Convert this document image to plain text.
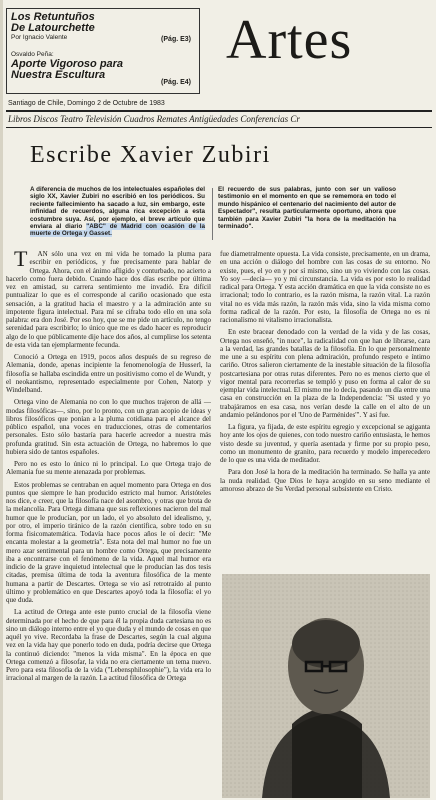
Los Retuntuños
De Latourchette
Por Ignacio Valente	(Pág. E3)
Osvaldo Peña:
Aporte Vigoroso para
Nuestra Escultura
(Pág. E4)
Artes
Santiago de Chile, Domingo 2 de Octubre de 1983
Libros Discos Teatro Televisión Cuadros Remates Antigüedades Conferencias Cr
Escribe Xavier Zubiri
A diferencia de muchos de los intelectuales españoles del siglo XX, Xavier Zubiri no escribió en los periódicos. Su reciente fallecimiento ha sacado a luz, sin embargo, este infinidad de recuerdos, alguna rica excepción a esta costumbre suya. Así, por ejemplo, el breve artículo que enviara al diario "ABC" de Madrid con ocasión de la muerte de Ortega y Gasset.
El recuerdo de sus palabras, junto con ser un valioso testimonio en el momento en que se rememora en todo el mundo hispánico el centenario del nacimiento del autor de Espectador", resulta particularmente oportuno, ahora que también para Xavier Zubiri "la hora de la meditación ha terminado".

T AN sólo una vez en mi vida he tomado la pluma para escribir en periódicos, y fue precisamente para hablar de Ortega. Ahora, con el ánimo afligido y conturbado, no acierto a hacerlo como fuera debido. Cuando hace dos días escribe por última vez en amistad, su carrera sentimiento me invadió. Era difícil puntualizar lo que es el corresponde al cariño ocasionado que esta sensación, a la gratitud hacia el maestro y a la admiración ante su impotente figura intelectual. Para mí se cifraba todo ello en una sola palabra: era don José. Por eso hoy, que se me pide un artículo, no tengo serenidad para escribirlo; lo único que me es dado hacer es reproducir algo de lo que públicamente dije hace dos años, al cumplirse los setenta de esta vida tan ejemplarmente fecunda.

Conoció a Ortega en 1919, pocos años después de su regreso de Alemania, donde, apenas incipiente la fenomenología de Husserl, la filosofía se hallaba escindida entre un positivismo como el de Wundt, y el neokantismo, representado especialmente por Cohen, Natorp y Windelband.

Ortega vino de Alemania no con lo que muchos trajeron de allá —modas filosóficas—, sino, por lo pronto, con un gran acopio de ideas y libros filosóficos que ponían a la pluma cotidiana para el alcance del público español, una voces en traducciones, otras de comentarios personales. Esto sólo bastaría para hacerle acreedor a nuestra más profunda gratitud. Sin esta actuación de Ortega, no habremos lo que hubiera sido de tantos españoles.

Pero no es esto lo único ni lo principal. Lo que Ortega trajo de Alemania fue su mente atenazada por problemas.

Estos problemas se centraban en aquel momento para Ortega en dos puntos que siempre le han producido estricto mal humor. Aristóteles nos dice, e creer, que la filosofía nace del asombro, y otras que brota de la melancolía. Para Ortega dimana que sus reflexiones nacieron del mal humor que le producían, por un lado, el yo absoluto del idealismo, y, por otro, el imperio tiránico de la razón científica, sobre todo en su forma fisicomatemática. Todavía hace pocos años le oí decir: "Me encanta molestar a la geometría". Esta nota del mal humor no fue un mero azar sentimental para un hombre como Ortega, que precisamente iba a encontrarse con el fenómeno de la vida. Aquel mal humor era indicio de la grave inquietud intelectual que le producían las dos tesis citadas, premisa última de toda la aventura filosófica de la mente humana a partir de Descartes. Ortega se vio así retrotraído al punto último y problemático en que Descartes apoyó toda la filosofía: el yo que duda.

La actitud de Ortega ante este punto crucial de la filosofía viene determinada por el hecho de que para él la propia duda cartesiana no es sino un diálogo interno entre el yo que duda y el mundo de cosas en que aquél yo vive. Recordaba la frase de Descartes, según la cual alguna vez en la vida hay que ponerlo todo en duda, podría decirse que Ortega la continuó diciendo: "menos la vida misma". En la época en que Ortega comenzó a filosofar, la vida no era ciertamente un tema nuevo. Pero para esta filosofía de la vida ("Lebensphilosophie"), la vida era lo irracional al margen de la razón. La actitud filosófica de Ortega

fue diametralmente opuesta. La vida consiste, precisamente, en un drama, en una acción o diálogo del hombre con las cosas de su entorno. No existe, pues, el yo en y por sí mismo, sino un yo viviendo con las cosas. Yo soy —decía— yo y mi circunstancia. La vida es por esto lo realidad radical para Ortega. Y esta acción dramática en que la vida consiste no es irracional; todo lo contrario, es la razón misma, la razón vital. La razón vital no es vida más razón, la razón más vida, sino la vida misma como forma radical de la razón. Por esto, la filosofía de Ortega no es ni racionalismo ni vitalismo irracionalista.

En este bracear denodado con la verdad de la vida y de las cosas, Ortega nos enseñó, "in nuce", la radicalidad con que han de librarse, cara a la verdad, las grandes batallas de la filosofía. En lo que personalmente me une a su espíritu con plena admiración, profundo respeto e íntimo cariño. Otros salieron ciertamente de la inestable situación de la filosofía postcartesiana por otras rutas diferentes. Pero no es menos cierto que el vigor mental para recorrerlas se templó y puso en forma al calor de su ejemplar vida intelectual. El mismo me lo decía, pasando un día entre una casa en construcción en la plaza de la Independencia: "Si usted y yo trabajáramos en esa casa, nos verían desde la calle en el alto de un andamio pelándonos por el 'Uno de Parménides'". Y así fue.

La figura, ya fijada, de este espíritu egregio y excepcional se agiganta hoy ante los ojos de quienes, con todo nuestro cariño entusiasta, le hemos visto desde su juventud, y quería asentada y firme por su propio peso, como un monumento de granito, para recuerdo y modelo imperecedero de lo que es una vida de meditador.

Para don José la hora de la meditación ha terminado. Se halla ya ante la nuda realidad. Que Dios le haya acogido en su seno mediante el amoroso abrazo de Su Verdad personal subsistente en Cristo.
